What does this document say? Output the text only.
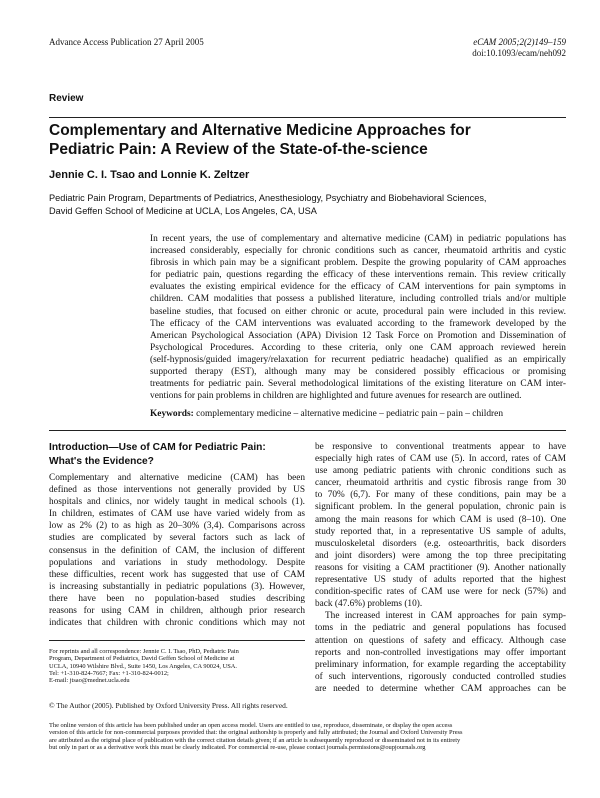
Advance Access Publication 27 April 2005	eCAM 2005;2(2)149–159
doi:10.1093/ecam/neh092
Review
Complementary and Alternative Medicine Approaches for
Pediatric Pain: A Review of the State-of-the-science
Jennie C. I. Tsao and Lonnie K. Zeltzer
Pediatric Pain Program, Departments of Pediatrics, Anesthesiology, Psychiatry and Biobehavioral Sciences,
David Geffen School of Medicine at UCLA, Los Angeles, CA, USA
In recent years, the use of complementary and alternative medicine (CAM) in pediatric populations has
increased considerably, especially for chronic conditions such as cancer, rheumatoid arthritis and cystic
fibrosis in which pain may be a significant problem. Despite the growing popularity of CAM approaches
for pediatric pain, questions regarding the efficacy of these interventions remain. This review critically
evaluates the existing empirical evidence for the efficacy of CAM interventions for pain symptoms in
children. CAM modalities that possess a published literature, including controlled trials and/or multiple
baseline studies, that focused on either chronic or acute, procedural pain were included in this review.
The efficacy of the CAM interventions was evaluated according to the framework developed by the
American Psychological Association (APA) Division 12 Task Force on Promotion and Dissemination of
Psychological Procedures. According to these criteria, only one CAM approach reviewed herein
(self-hypnosis/guided imagery/relaxation for recurrent pediatric headache) qualified as an empirically
supported therapy (EST), although many may be considered possibly efficacious or promising
treatments for pediatric pain. Several methodological limitations of the existing literature on CAM inter-
ventions for pain problems in children are highlighted and future avenues for research are outlined.
Keywords: complementary medicine – alternative medicine – pediatric pain – pain – children
Introduction—Use of CAM for Pediatric Pain:
What's the Evidence?
Complementary and alternative medicine (CAM) has been
defined as those interventions not generally provided by US
hospitals and clinics, nor widely taught in medical schools (1).
In children, estimates of CAM use have varied widely from as
low as 2% (2) to as high as 20–30% (3,4). Comparisons across
studies are complicated by several factors such as lack of
consensus in the definition of CAM, the inclusion of different
populations and variations in study methodology. Despite
these difficulties, recent work has suggested that use of CAM
is increasing substantially in pediatric populations (3). However,
there have been no population-based studies describing
reasons for using CAM in children, although prior research
indicates that children with chronic conditions which may not
For reprints and all correspondence: Jennie C. I. Tsao, PhD, Pediatric Pain
Program, Department of Pediatrics, David Geffen School of Medicine at
UCLA, 10940 Wilshire Blvd., Suite 1450, Los Angeles, CA 90024, USA.
Tel: +1-310-824-7667; Fax: +1-310-824-0012;
E-mail: jtsao@mednet.ucla.edu
be responsive to conventional treatments appear to have
especially high rates of CAM use (5). In accord, rates of CAM
use among pediatric patients with chronic conditions such as
cancer, rheumatoid arthritis and cystic fibrosis range from 30
to 70% (6,7). For many of these conditions, pain may be a
significant problem. In the general population, chronic pain is
among the main reasons for which CAM is used (8–10). One
study reported that, in a representative US sample of adults,
musculoskeletal disorders (e.g. osteoarthritis, back disorders
and joint disorders) were among the top three precipitating
reasons for visiting a CAM practitioner (9). Another nationally
representative US study of adults reported that the highest
condition-specific rates of CAM use were for neck (57%) and
back (47.6%) problems (10).
The increased interest in CAM approaches for pain symp-
toms in the pediatric and general populations has focused
attention on questions of safety and efficacy. Although case
reports and non-controlled investigations may offer important
preliminary information, for example regarding the acceptability
of such interventions, rigorously conducted controlled studies
are needed to determine whether CAM approaches can be
© The Author (2005). Published by Oxford University Press. All rights reserved.
The online version of this article has been published under an open access model. Users are entitled to use, reproduce, disseminate, or display the open access
version of this article for non-commercial purposes provided that: the original authorship is properly and fully attributed; the Journal and Oxford University Press
are attributed as the original place of publication with the correct citation details given; if an article is subsequently reproduced or disseminated not in its entirety
but only in part or as a derivative work this must be clearly indicated. For commercial re-use, please contact journals.permissions@oupjournals.org
